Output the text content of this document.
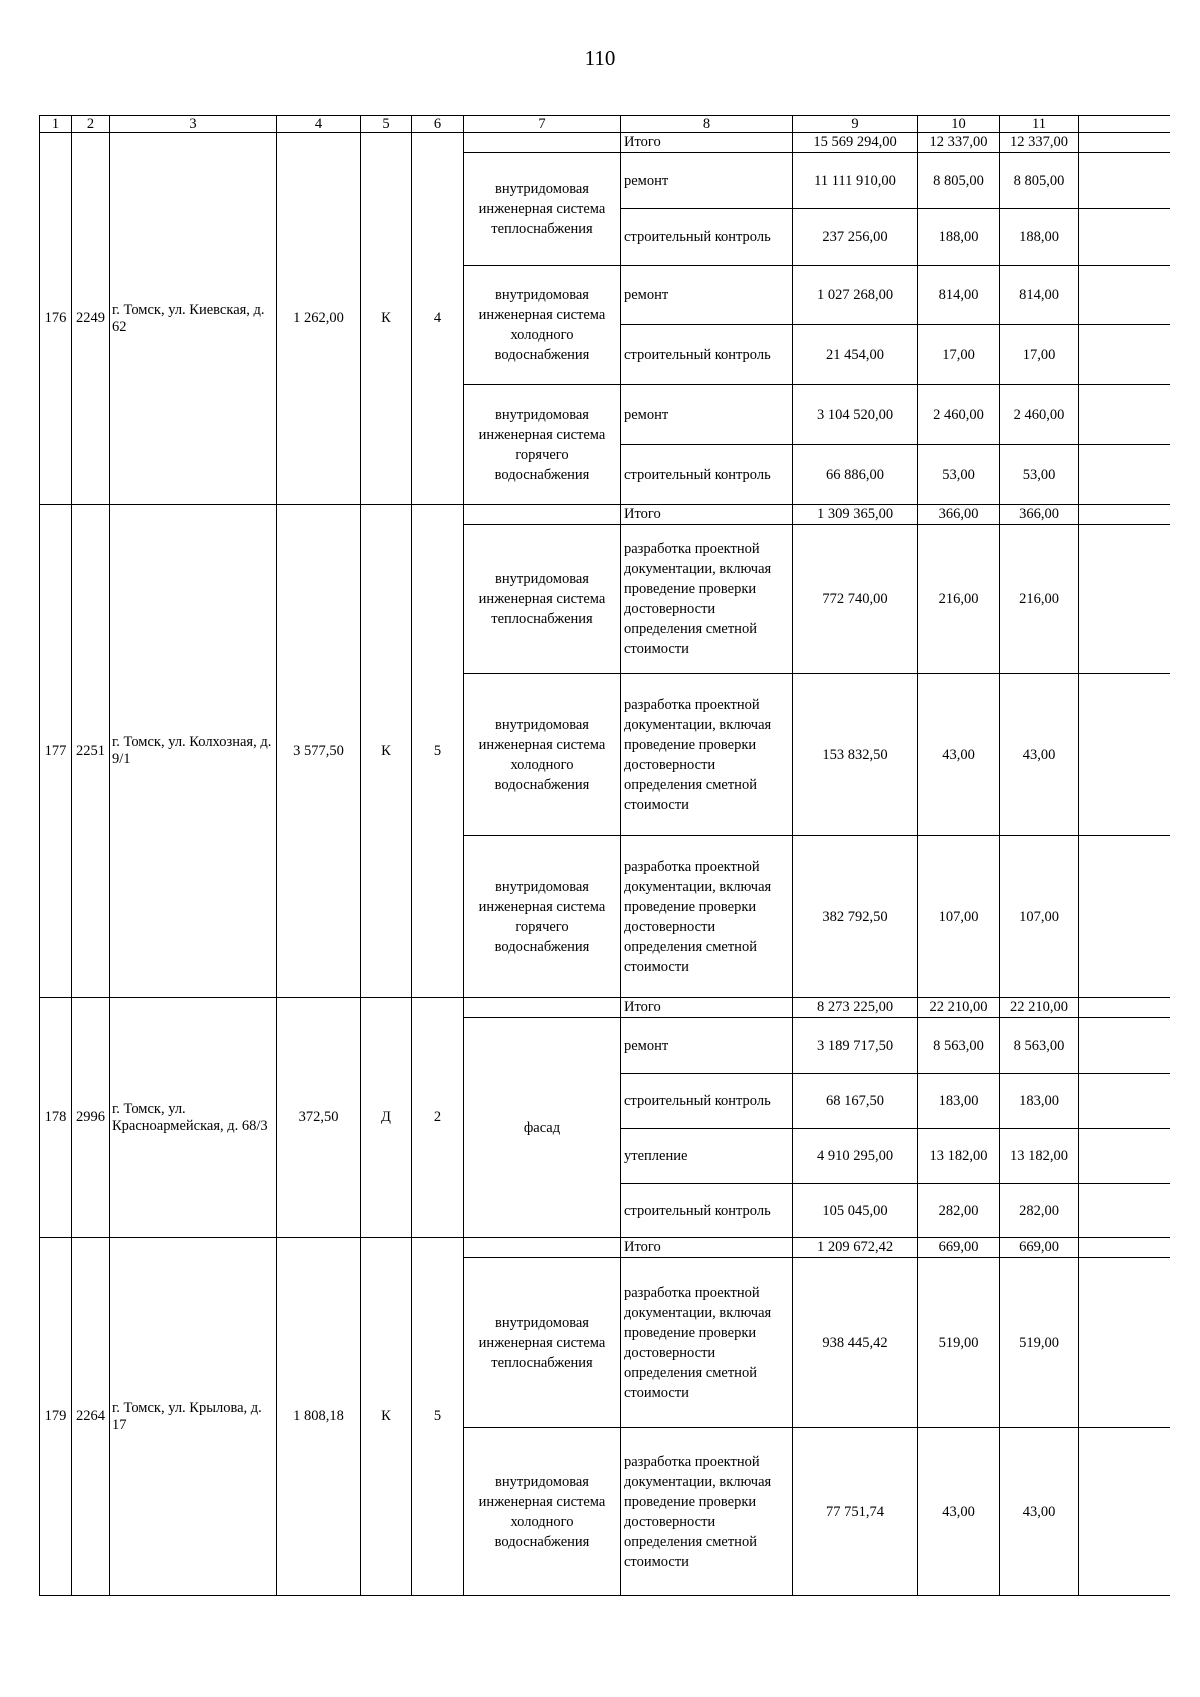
110
1	2	3	4	5	6	7	8	9	10	11	
176	2249	г. Томск, ул. Киевская, д. 62	1 262,00	К	4		Итого	15 569 294,00	12 337,00	12 337,00	
						внутридомовая инженерная система теплоснабжения	ремонт	11 111 910,00	8 805,00	8 805,00	
							строительный контроль	237 256,00	188,00	188,00	
						внутридомовая инженерная система холодного водоснабжения	ремонт	1 027 268,00	814,00	814,00	
							строительный контроль	21 454,00	17,00	17,00	
						внутридомовая инженерная система горячего водоснабжения	ремонт	3 104 520,00	2 460,00	2 460,00	
							строительный контроль	66 886,00	53,00	53,00	
177	2251	г. Томск, ул. Колхозная, д. 9/1	3 577,50	К	5		Итого	1 309 365,00	366,00	366,00	
						внутридомовая инженерная система теплоснабжения	разработка проектной документации, включая проведение проверки достоверности определения сметной стоимости	772 740,00	216,00	216,00	
						внутридомовая инженерная система холодного водоснабжения	разработка проектной документации, включая проведение проверки достоверности определения сметной стоимости	153 832,50	43,00	43,00	
						внутридомовая инженерная система горячего водоснабжения	разработка проектной документации, включая проведение проверки достоверности определения сметной стоимости	382 792,50	107,00	107,00	
178	2996	г. Томск, ул. Красноармейская, д. 68/3	372,50	Д	2		Итого	8 273 225,00	22 210,00	22 210,00	
						фасад	ремонт	3 189 717,50	8 563,00	8 563,00	
							строительный контроль	68 167,50	183,00	183,00	
							утепление	4 910 295,00	13 182,00	13 182,00	
							строительный контроль	105 045,00	282,00	282,00	
179	2264	г. Томск, ул. Крылова, д. 17	1 808,18	К	5		Итого	1 209 672,42	669,00	669,00	
						внутридомовая инженерная система теплоснабжения	разработка проектной документации, включая проведение проверки достоверности определения сметной стоимости	938 445,42	519,00	519,00	
						внутридомовая инженерная система холодного водоснабжения	разработка проектной документации, включая проведение проверки достоверности определения сметной стоимости	77 751,74	43,00	43,00	
